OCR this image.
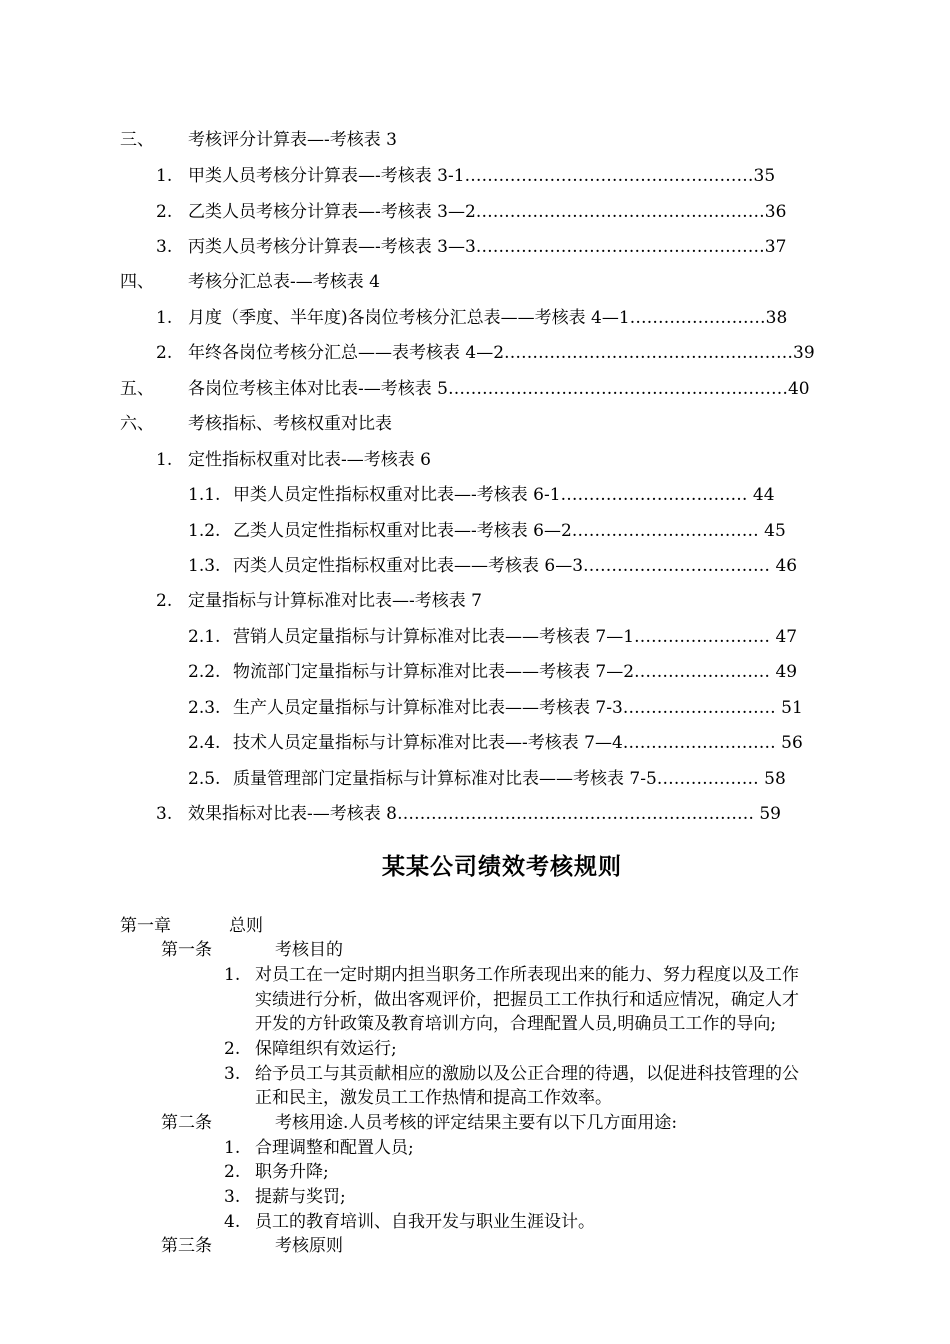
三、 考核评分计算表—-考核表 3
1. 甲类人员考核分计算表—-考核表 3-1……………………………………………35
2. 乙类人员考核分计算表—-考核表 3—2……………………………………………36
3. 丙类人员考核分计算表—-考核表 3—3……………………………………………37
四、 考核分汇总表-—考核表 4
1. 月度（季度、半年度)各岗位考核分汇总表——考核表 4—1……………………38
2. 年终各岗位考核分汇总——表考核表 4—2……………………………………………39
五、 各岗位考核主体对比表-—考核表 5……………………………………………………40
六、 考核指标、考核权重对比表
1. 定性指标权重对比表-—考核表 6
1.1. 甲类人员定性指标权重对比表—-考核表 6-1…………………………… 44
1.2. 乙类人员定性指标权重对比表—-考核表 6—2…………………………… 45
1.3. 丙类人员定性指标权重对比表——考核表 6—3…………………………… 46
2. 定量指标与计算标准对比表—-考核表 7
2.1. 营销人员定量指标与计算标准对比表——考核表 7—1…………………… 47
2.2. 物流部门定量指标与计算标准对比表——考核表 7—2…………………… 49
2.3. 生产人员定量指标与计算标准对比表——考核表 7-3……………………… 51
2.4. 技术人员定量指标与计算标准对比表—-考核表 7—4……………………… 56
2.5. 质量管理部门定量指标与计算标准对比表——考核表 7-5……………… 58
3. 效果指标对比表-—考核表 8……………………………………………………… 59
某某公司绩效考核规则
第一章	总则
第一条	考核目的
1. 对员工在一定时期内担当职务工作所表现出来的能力、努力程度以及工作
实绩进行分析，做出客观评价，把握员工工作执行和适应情况，确定人才
开发的方针政策及教育培训方向，合理配置人员,明确员工工作的导向;
2. 保障组织有效运行;
3. 给予员工与其贡献相应的激励以及公正合理的待遇，以促进科技管理的公
正和民主，激发员工工作热情和提高工作效率。
第二条	考核用途.人员考核的评定结果主要有以下几方面用途:
1. 合理调整和配置人员;
2. 职务升降;
3. 提薪与奖罚;
4. 员工的教育培训、自我开发与职业生涯设计。
第三条	考核原则
